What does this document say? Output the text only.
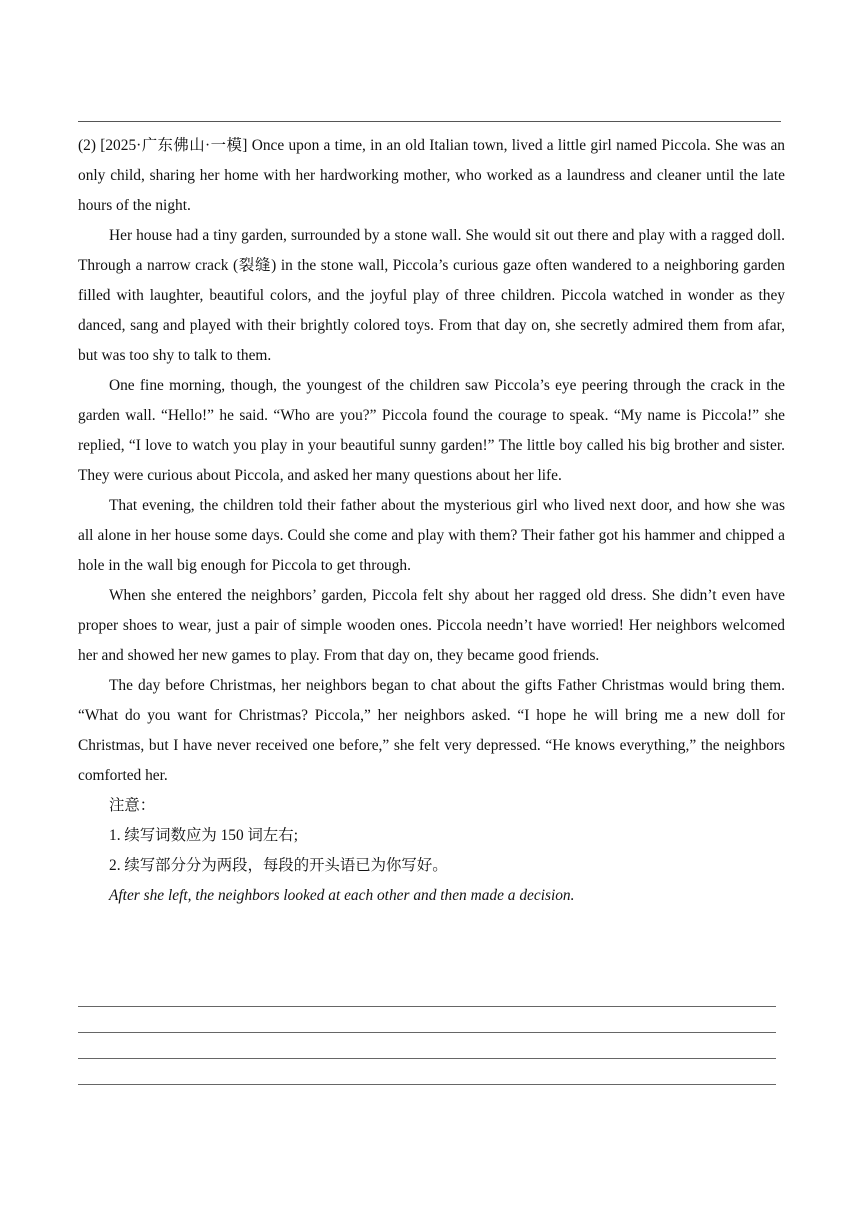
(2) [2025·广东佛山·一模] Once upon a time, in an old Italian town, lived a little girl named Piccola. She was an only child, sharing her home with her hardworking mother, who worked as a laundress and cleaner until the late hours of the night.

Her house had a tiny garden, surrounded by a stone wall. She would sit out there and play with a ragged doll. Through a narrow crack (裂缝) in the stone wall, Piccola’s curious gaze often wandered to a neighboring garden filled with laughter, beautiful colors, and the joyful play of three children. Piccola watched in wonder as they danced, sang and played with their brightly colored toys. From that day on, she secretly admired them from afar, but was too shy to talk to them.

One fine morning, though, the youngest of the children saw Piccola’s eye peering through the crack in the garden wall. “Hello!” he said. “Who are you?” Piccola found the courage to speak. “My name is Piccola!” she replied, “I love to watch you play in your beautiful sunny garden!” The little boy called his big brother and sister. They were curious about Piccola, and asked her many questions about her life.

That evening, the children told their father about the mysterious girl who lived next door, and how she was all alone in her house some days. Could she come and play with them? Their father got his hammer and chipped a hole in the wall big enough for Piccola to get through.

When she entered the neighbors’ garden, Piccola felt shy about her ragged old dress. She didn’t even have proper shoes to wear, just a pair of simple wooden ones. Piccola needn’t have worried! Her neighbors welcomed her and showed her new games to play. From that day on, they became good friends.

The day before Christmas, her neighbors began to chat about the gifts Father Christmas would bring them. “What do you want for Christmas? Piccola,” her neighbors asked. “I hope he will bring me a new doll for Christmas, but I have never received one before,” she felt very depressed. “He knows everything,” the neighbors comforted her.

注意：

1. 续写词数应为 150 词左右;

2. 续写部分分为两段，每段的开头语已为你写好。

After she left, the neighbors looked at each other and then made a decision.
